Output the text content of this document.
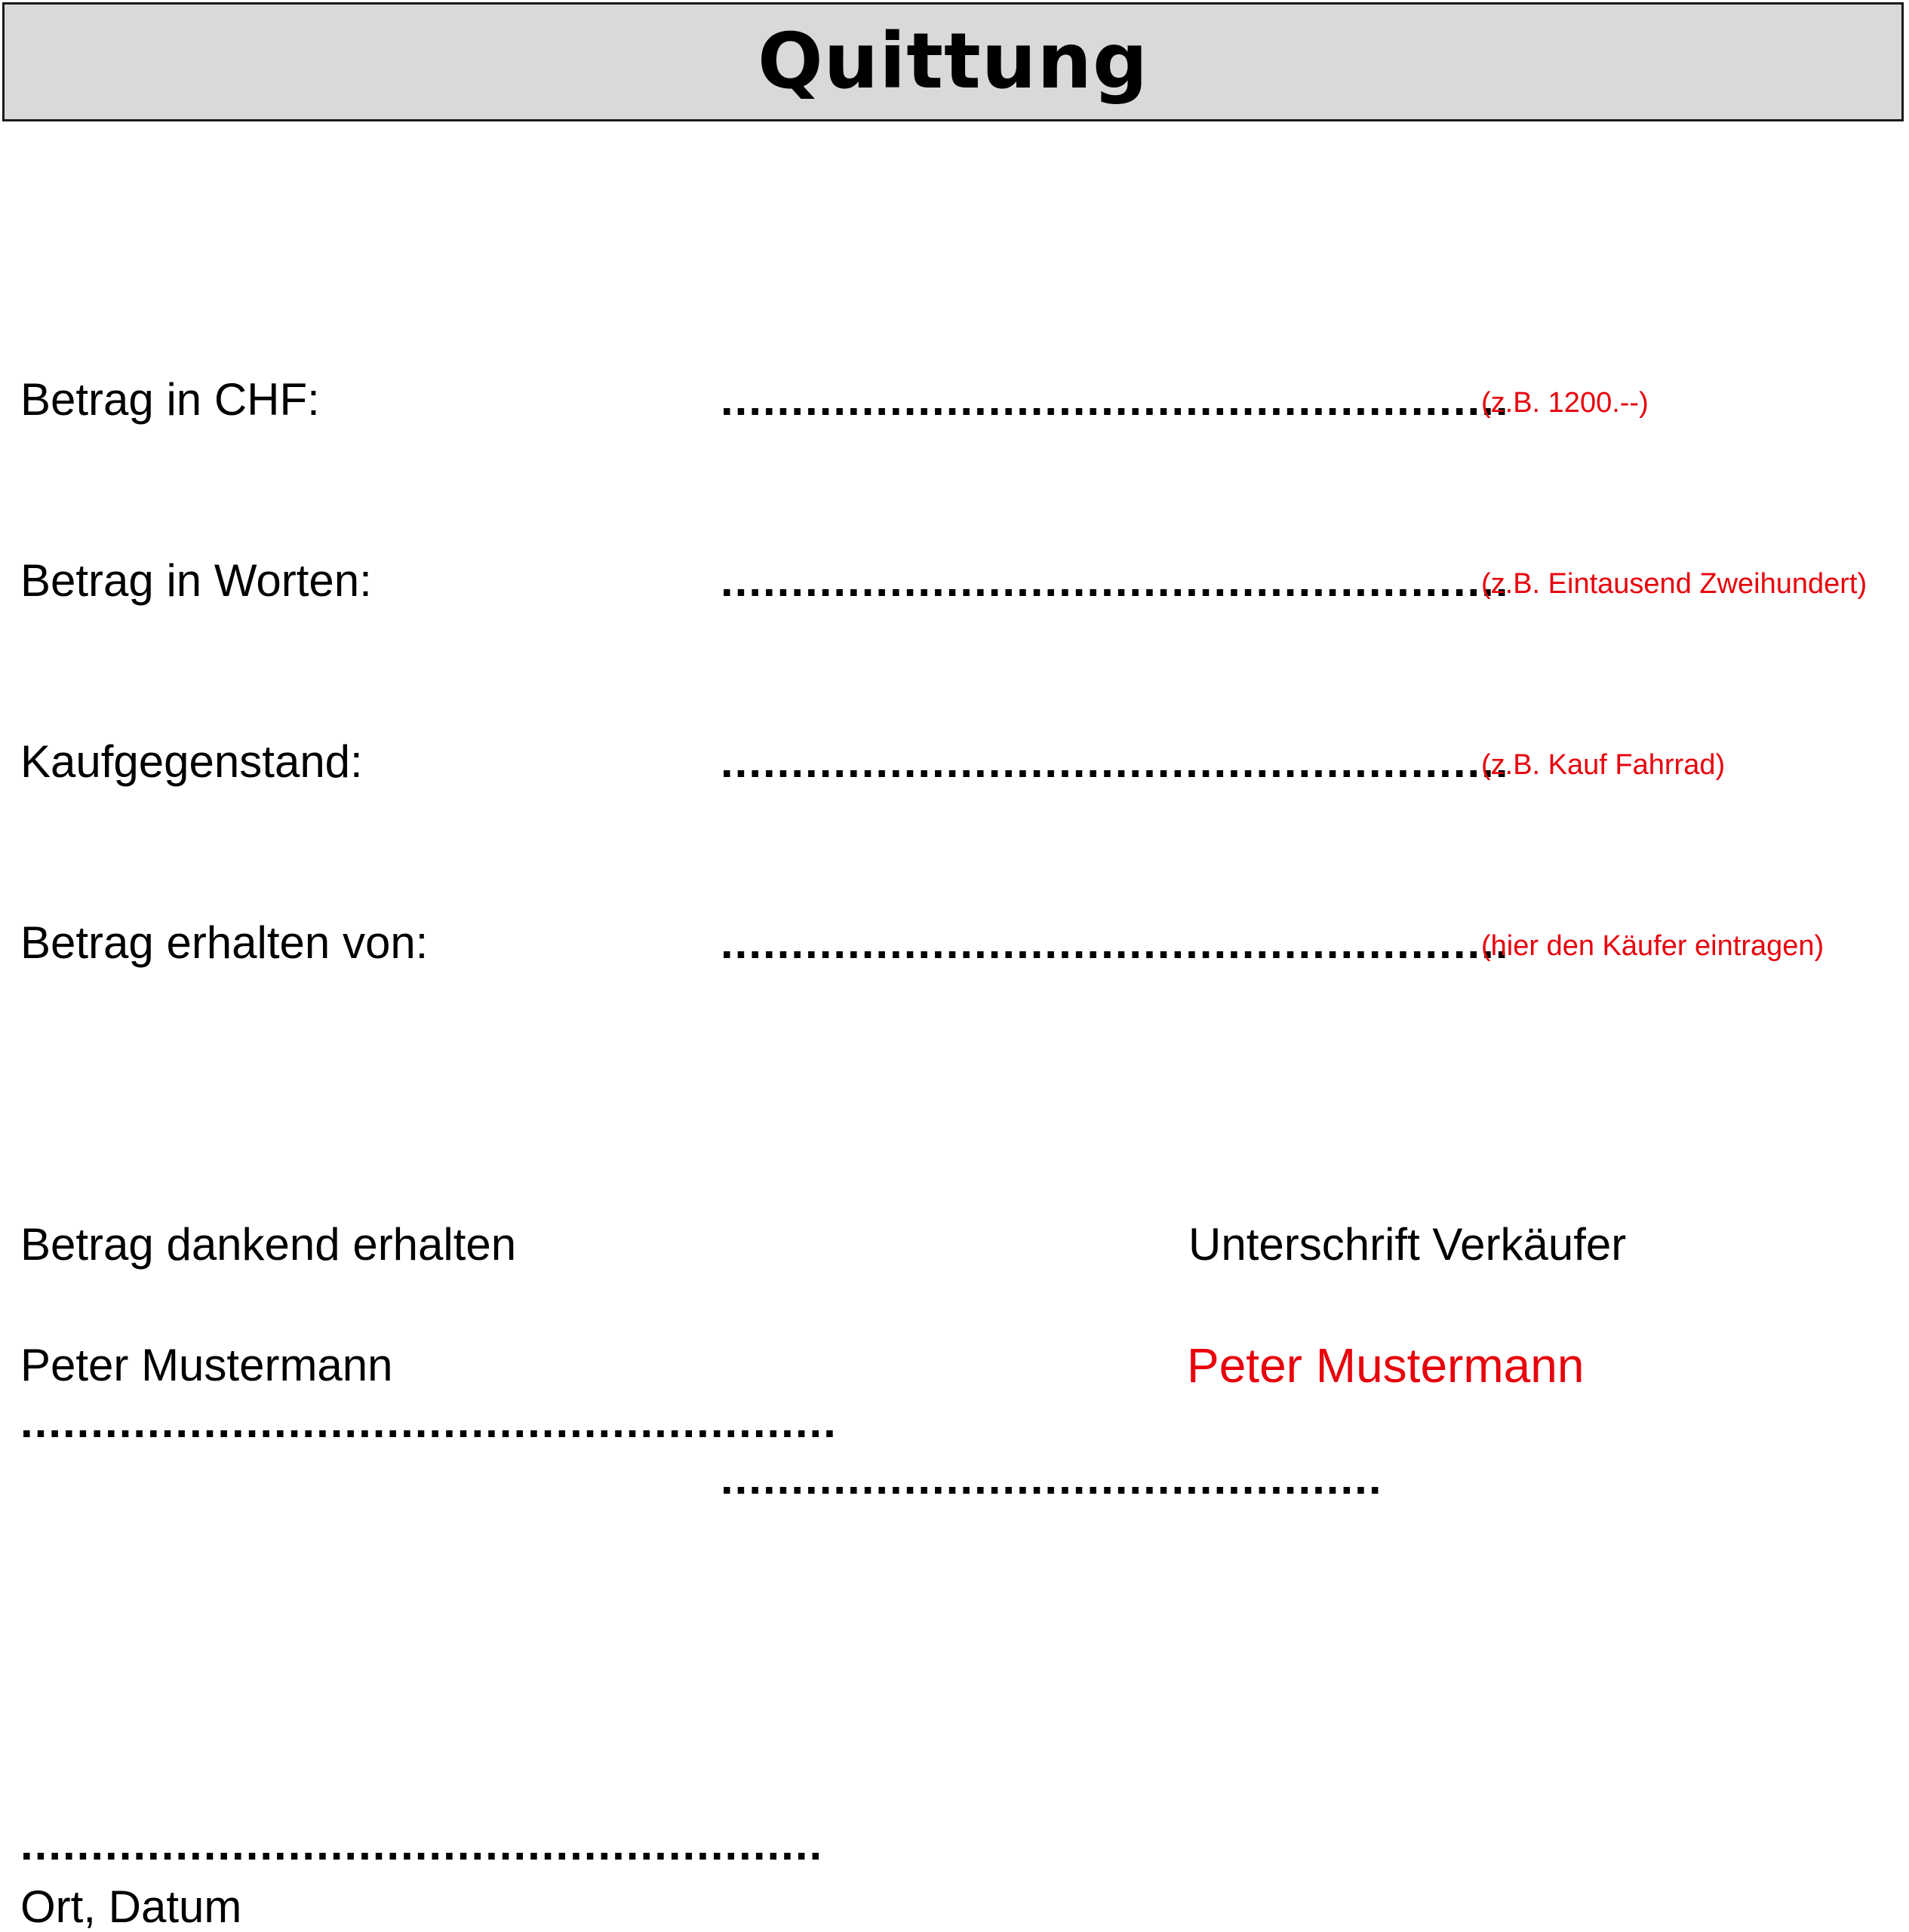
Quittung
Betrag in CHF:	........................................................
(z.B. 1200.--)
Betrag in Worten:	........................................................
(z.B. Eintausend Zweihundert)
Kaufgegenstand:	........................................................
(z.B. Kauf Fahrrad)
Betrag erhalten von:	........................................................
(hier den Käufer eintragen)
Betrag dankend erhalten	Unterschrift Verkäufer
Peter Mustermann	Peter Mustermann
..........................................................
...............................................
.........................................................
Ort, Datum
